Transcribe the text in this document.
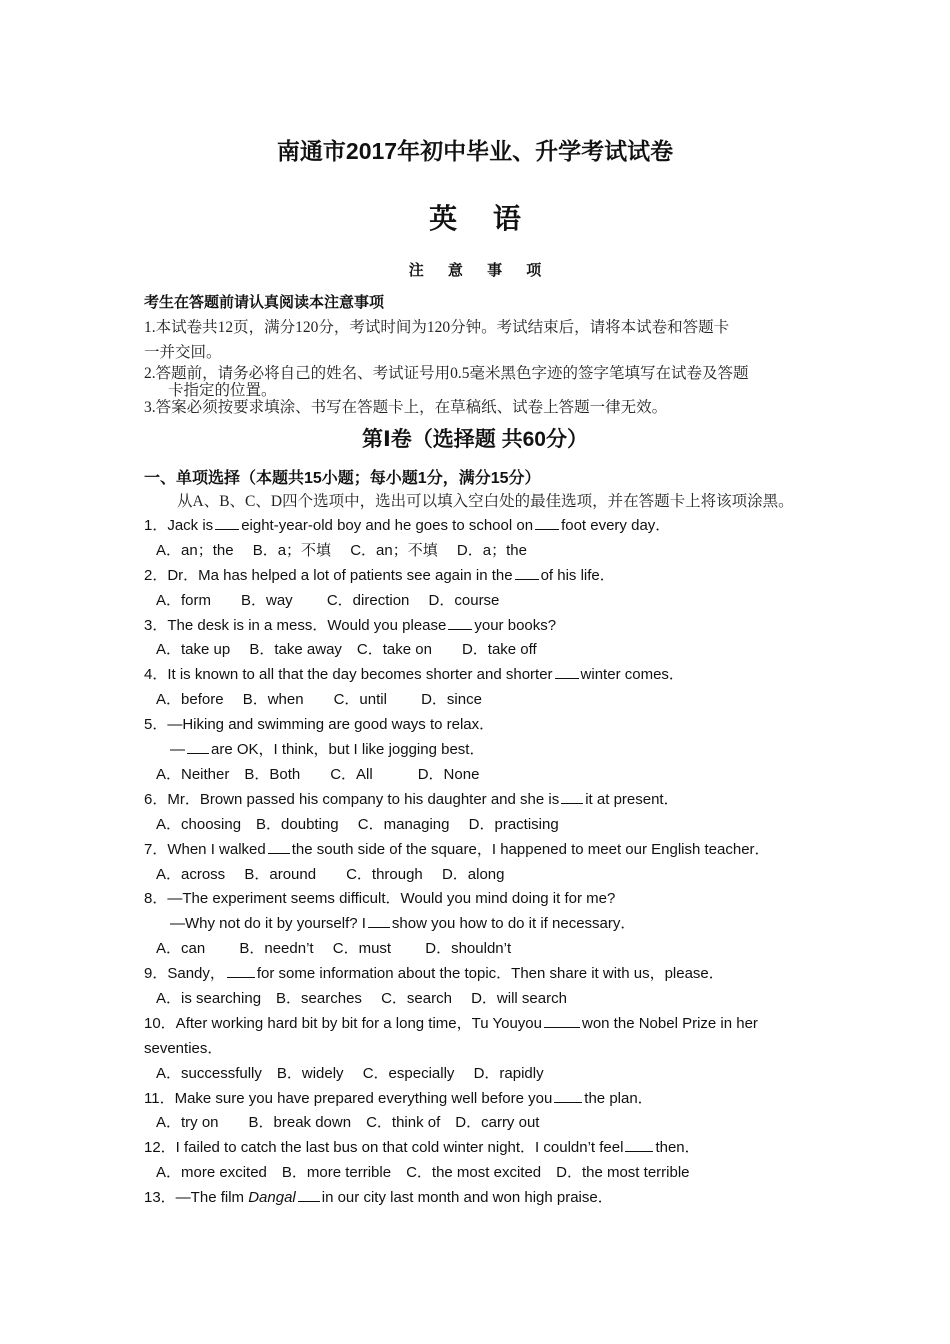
南通市2017年初中毕业、升学考试试卷
英 语
注 意 事 项
考生在答题前请认真阅读本注意事项
1.本试卷共12页，满分120分，考试时间为120分钟。考试结束后，请将本试卷和答题卡
一并交回。
2.答题前，请务必将自己的姓名、考试证号用0.5毫米黑色字迹的签字笔填写在试卷及答题
卡指定的位置。
3.答案必须按要求填涂、书写在答题卡上，在草稿纸、试卷上答题一律无效。
第Ⅰ卷（选择题 共60分）
一、单项选择（本题共15小题；每小题1分，满分15分）
从A、B、C、D四个选项中，选出可以填入空白处的最佳选项，并在答题卡上将该项涂黑。
1．Jack is eight-year-old boy and he goes to school on foot every day．
A．an；the　 B．a；不填　 C．an；不填　 D．a；the
2．Dr．Ma has helped a lot of patients see again in the of his life．
A．form　　B．way　　 C．direction　 D．course
3．The desk is in a mess．Would you please your books?
A．take up　 B．take away　C．take on　　D．take off
4．It is known to all that the day becomes shorter and shorter winter comes．
A．before　 B．when　　C．until　　 D．since
5．—Hiking and swimming are good ways to relax．
— are OK，I think，but I like jogging best．
A．Neither　B．Both　　C．All　　　D．None
6．Mr．Brown passed his company to his daughter and she is it at present．
A．choosing　B．doubting　 C．managing　 D．practising
7．When I walked the south side of the square，I happened to meet our English teacher．
A．across　 B．around　　C．through　 D．along
8．—The experiment seems difficult．Would you mind doing it for me?
—Why not do it by yourself? I show you how to do it if necessary．
A．can　　 B．needn’t　 C．must　　 D．shouldn’t
9．Sandy， for some information about the topic．Then share it with us，please．
A．is searching　B．searches　 C．search　 D．will search
10．After working hard bit by bit for a long time，Tu Youyou	won the Nobel Prize in her
seventies．
A．successfully　B．widely　 C．especially　 D．rapidly
11．Make sure you have prepared everything well before you the plan．
A．try on　　B．break down　C．think of　D．carry out
12．I failed to catch the last bus on that cold winter night．I couldn’t feel then．
A．more excited　B．more terrible　C．the most excited　D．the most terrible
13．—The film Dangal in our city last month and won high praise．
